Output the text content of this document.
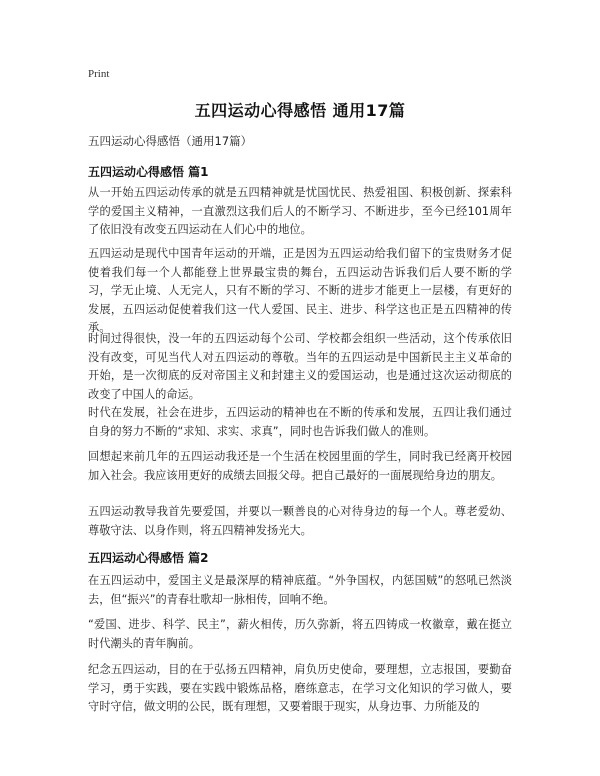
Print
五四运动心得感悟 通用17篇
五四运动心得感悟（通用17篇）
五四运动心得感悟 篇1

从一开始五四运动传承的就是五四精神就是忧国忧民、热爱祖国、积极创新、探索科学的爱国主义精神，一直激烈这我们后人的不断学习、不断进步，至今已经101周年了依旧没有改变五四运动在人们心中的地位。

五四运动是现代中国青年运动的开端，正是因为五四运动给我们留下的宝贵财务才促使着我们每一个人都能登上世界最宝贵的舞台，五四运动告诉我们后人要不断的学习，学无止境、人无完人，只有不断的学习、不断的进步才能更上一层楼，有更好的发展，五四运动促使着我们这一代人爱国、民主、进步、科学这也正是五四精神的传承。

时间过得很快，没一年的五四运动每个公司、学校都会组织一些活动，这个传承依旧没有改变，可见当代人对五四运动的尊敬。当年的五四运动是中国新民主主义革命的开始，是一次彻底的反对帝国主义和封建主义的爱国运动，也是通过这次运动彻底的改变了中国人的命运。

时代在发展，社会在进步，五四运动的精神也在不断的传承和发展，五四让我们通过自身的努力不断的“求知、求实、求真”，同时也告诉我们做人的准则。

回想起来前几年的五四运动我还是一个生活在校园里面的学生，同时我已经离开校园加入社会。我应该用更好的成绩去回报父母。把自己最好的一面展现给身边的朋友。

五四运动教导我首先要爱国，并要以一颗善良的心对待身边的每一个人。尊老爱幼、尊敬守法、以身作则，将五四精神发扬光大。

五四运动心得感悟 篇2

在五四运动中，爱国主义是最深厚的精神底蕴。“外争国权，内惩国贼”的怒吼已然淡去，但“振兴”的青春壮歌却一脉相传，回响不绝。

“爱国、进步、科学、民主”，薪火相传，历久弥新，将五四铸成一枚徽章，戴在挺立时代潮头的青年胸前。

纪念五四运动，目的在于弘扬五四精神，肩负历史使命，要理想，立志报国，要勤奋学习，勇于实践，要在实践中锻炼品格，磨练意志，在学习文化知识的学习做人，要守时守信，做文明的公民，既有理想，又要着眼于现实，从身边事、力所能及的
